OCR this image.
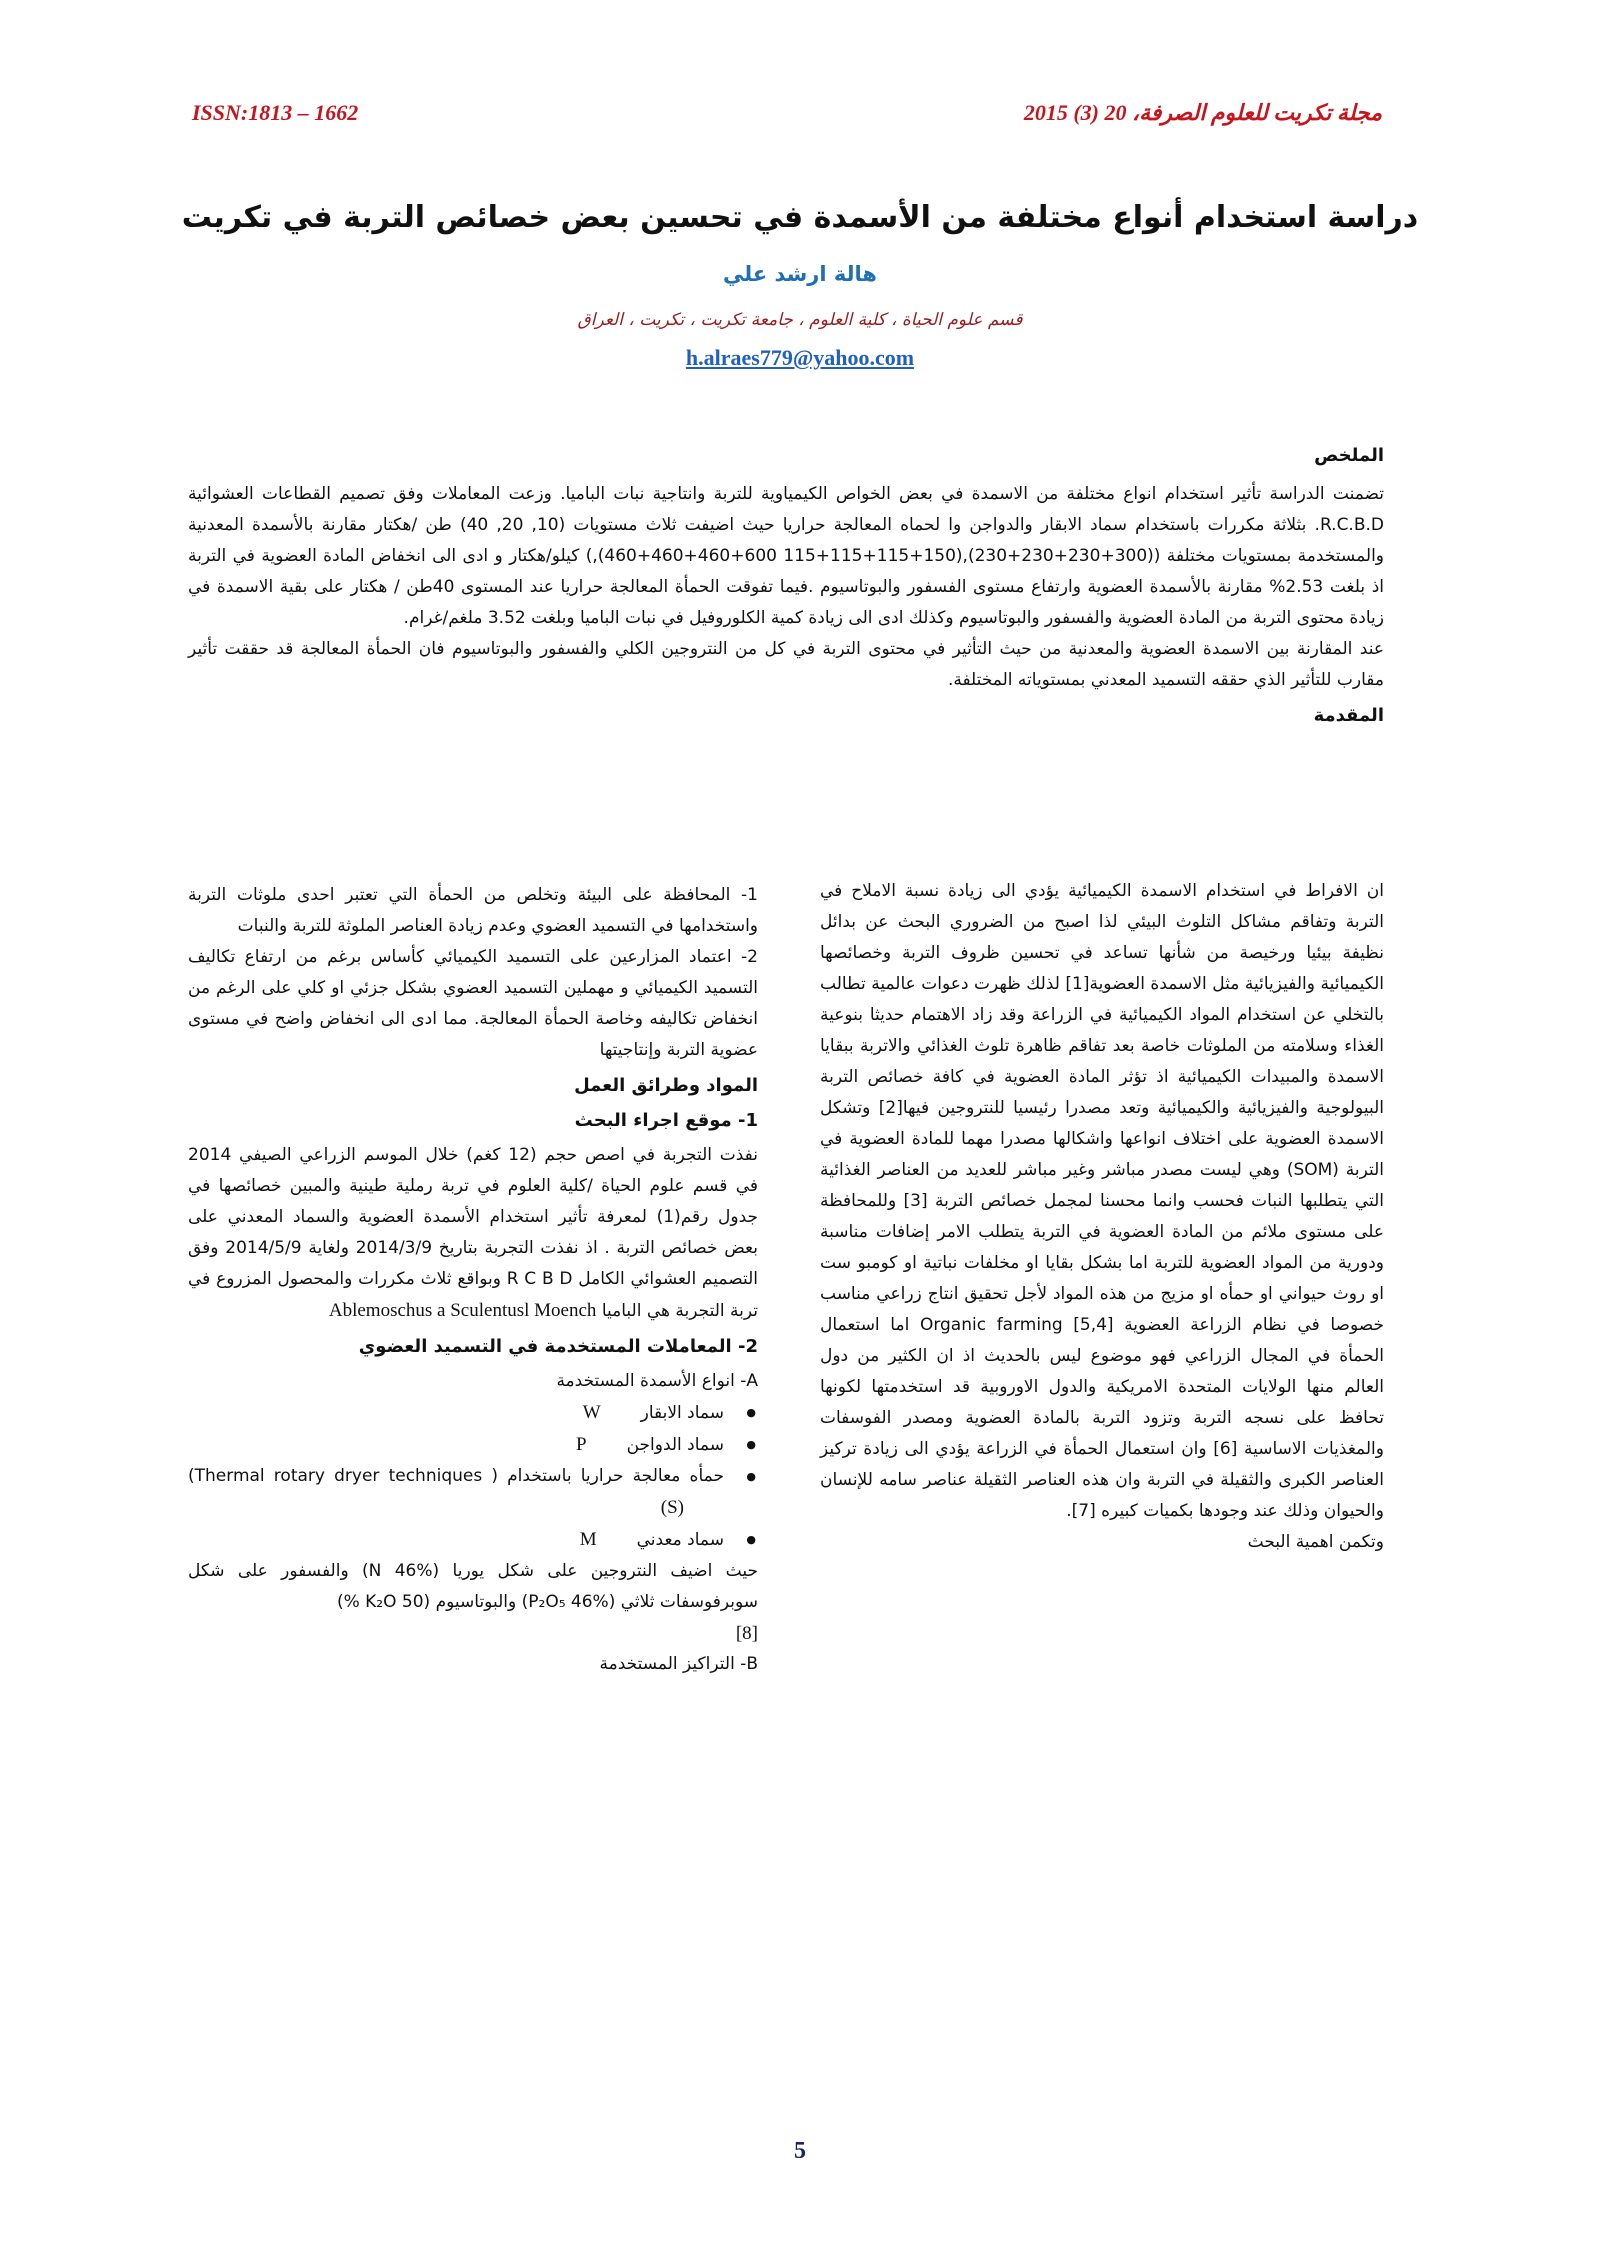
ISSN:1813 – 1662	مجلة تكريت للعلوم الصرفة، 20 (3) 2015
دراسة استخدام أنواع مختلفة من الأسمدة في تحسين بعض خصائص التربة في تكريت
هالة ارشد علي
قسم علوم الحياة ، كلية العلوم ، جامعة تكريت ، تكريت ، العراق
h.alraes779@yahoo.com
الملخص

تضمنت الدراسة تأثير استخدام انواع مختلفة من الاسمدة في بعض الخواص الكيمياوية للتربة وانتاجية نبات الباميا. وزعت المعاملات وفق تصميم القطاعات العشوائية R.C.B.D. بثلاثة مكررات باستخدام سماد الابقار والدواجن وا لحماه المعالجة حراريا حيث اضيفت ثلاث مستويات (10, 20, 40) طن /هكتار مقارنة بالأسمدة المعدنية والمستخدمة بمستويات مختلفة ((300+230+230+230),(150+115+115+115 600+460+460+460),) كيلو/هكتار و ادى الى انخفاض المادة العضوية في التربة اذ بلغت 2.53% مقارنة بالأسمدة العضوية وارتفاع مستوى الفسفور والبوتاسيوم .فيما تفوقت الحمأة المعالجة حراريا عند المستوى 40طن / هكتار على بقية الاسمدة في زيادة محتوى التربة من المادة العضوية والفسفور والبوتاسيوم وكذلك ادى الى زيادة كمية الكلوروفيل في نبات الباميا وبلغت 3.52 ملغم/غرام.

عند المقارنة بين الاسمدة العضوية والمعدنية من حيث التأثير في محتوى التربة في كل من النتروجين الكلي والفسفور والبوتاسيوم فان الحمأة المعالجة قد حققت تأثير مقارب للتأثير الذي حققه التسميد المعدني بمستوياته المختلفة.

المقدمة

ان الافراط في استخدام الاسمدة الكيميائية يؤدي الى زيادة نسبة الاملاح في التربة وتفاقم مشاكل التلوث البيئي لذا اصبح من الضروري البحث عن بدائل نظيفة بيئيا ورخيصة من شأنها تساعد في تحسين ظروف التربة وخصائصها الكيميائية والفيزيائية مثل الاسمدة العضوية[1] لذلك ظهرت دعوات عالمية تطالب بالتخلي عن استخدام المواد الكيميائية في الزراعة وقد زاد الاهتمام حديثا بنوعية الغذاء وسلامته من الملوثات خاصة بعد تفاقم ظاهرة تلوث الغذائي والاتربة ببقايا الاسمدة والمبيدات الكيميائية اذ تؤثر المادة العضوية في كافة خصائص التربة البيولوجية والفيزيائية والكيميائية وتعد مصدرا رئيسيا للنتروجين فيها[2] وتشكل الاسمدة العضوية على اختلاف انواعها واشكالها مصدرا مهما للمادة العضوية في التربة (SOM) وهي ليست مصدر مباشر وغير مباشر للعديد من العناصر الغذائية التي يتطلبها النبات فحسب وانما محسنا لمجمل خصائص التربة [3] وللمحافظة على مستوى ملائم من المادة العضوية في التربة يتطلب الامر إضافات مناسبة ودورية من المواد العضوية للتربة اما بشكل بقايا او مخلفات نباتية او كومبو ست او روث حيواني او حمأه او مزيج من هذه المواد لأجل تحقيق انتاج زراعي مناسب خصوصا في نظام الزراعة العضوية Organic farming [5,4] اما استعمال الحمأة في المجال الزراعي فهو موضوع ليس بالحديث اذ ان الكثير من دول العالم منها الولايات المتحدة الامريكية والدول الاوروبية قد استخدمتها لكونها تحافظ على نسجه التربة وتزود التربة بالمادة العضوية ومصدر الفوسفات والمغذيات الاساسية [6] وان استعمال الحمأة في الزراعة يؤدي الى زيادة تركيز العناصر الكبرى والثقيلة في التربة وان هذه العناصر الثقيلة عناصر سامه للإنسان والحيوان وذلك عند وجودها بكميات كبيره [7].

وتكمن اهمية البحث

1- المحافظة على البيئة وتخلص من الحمأة التي تعتبر احدى ملوثات التربة واستخدامها في التسميد العضوي وعدم زيادة العناصر الملوثة للتربة والنبات

2- اعتماد المزارعين على التسميد الكيميائي كأساس برغم من ارتفاع تكاليف التسميد الكيميائي و مهملين التسميد العضوي بشكل جزئي او كلي على الرغم من انخفاض تكاليفه وخاصة الحمأة المعالجة. مما ادى الى انخفاض واضح في مستوى عضوية التربة وإنتاجيتها

المواد وطرائق العمل
1- موقع اجراء البحث

نفذت التجربة في اصص حجم (12 كغم) خلال الموسم الزراعي الصيفي 2014 في قسم علوم الحياة /كلية العلوم في تربة رملية طينية والمبين خصائصها في جدول رقم(1) لمعرفة تأثير استخدام الأسمدة العضوية والسماد المعدني على بعض خصائص التربة . اذ نفذت التجربة بتاريخ 2014/3/9 ولغاية 2014/5/9 وفق التصميم العشوائي الكامل R C B D وبواقع ثلاث مكررات والمحصول المزروع في تربة التجربة هي الباميا Ablemoschus a Sculentusl Moench

2- المعاملات المستخدمة في التسميد العضوي

A- انواع الأسمدة المستخدمة

● سماد الابقارW
● سماد الدواجنP
● حمأه معالجة حراريا باستخدام ( Thermal rotary dryer techniques) (S)
● سماد معدنيM

حيث اضيف النتروجين على شكل يوريا (N 46%) والفسفور على شكل سوبرفوسفات ثلاثي (P₂O₅ 46%) والبوتاسيوم (K₂O 50 %)

[8]

B- التراكيز المستخدمة

5
